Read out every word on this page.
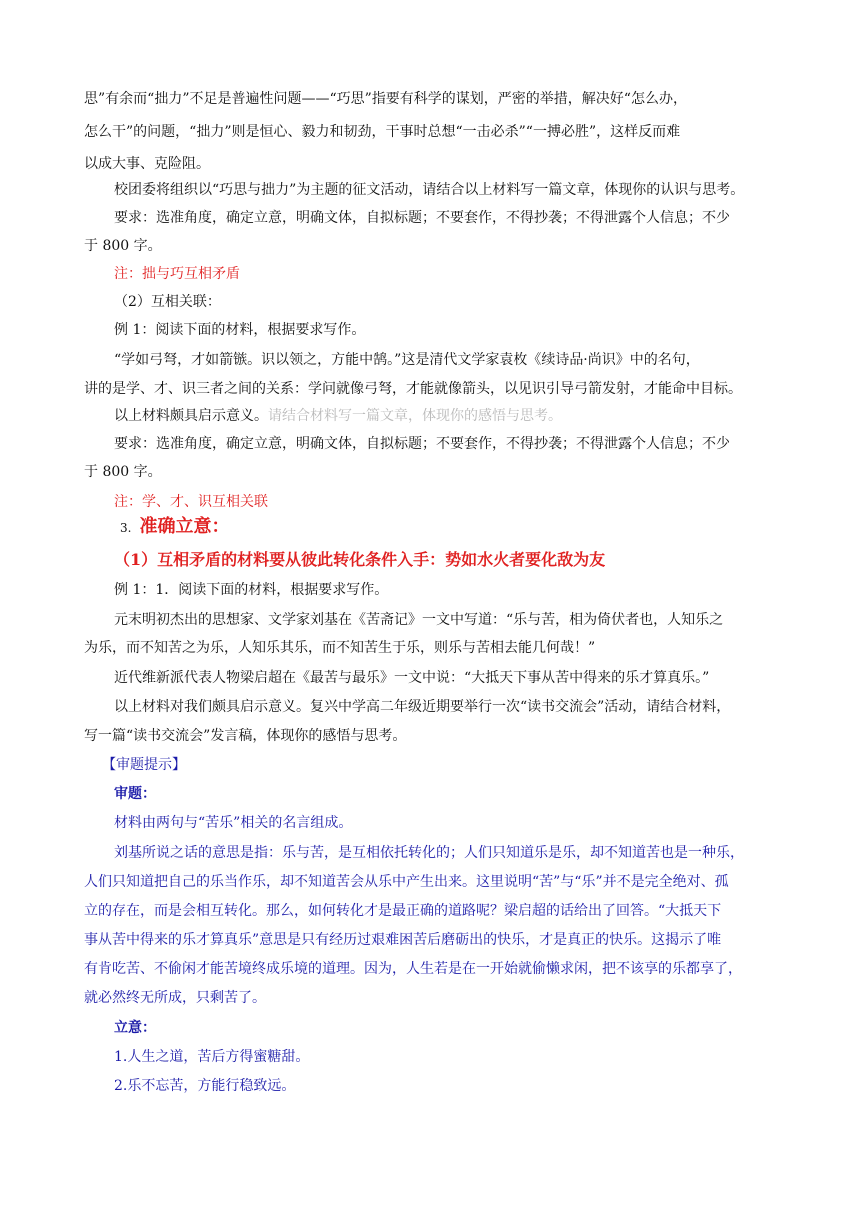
思”有余而“拙力”不足是普遍性问题——“巧思”指要有科学的谋划，严密的举措，解决好“怎么办，
怎么干”的问题，“拙力”则是恒心、毅力和韧劲，干事时总想“一击必杀”“一搏必胜”，这样反而难
以成大事、克险阻。
校团委将组织以“巧思与拙力”为主题的征文活动，请结合以上材料写一篇文章，体现你的认识与思考。
要求：选准角度，确定立意，明确文体，自拟标题；不要套作，不得抄袭；不得泄露个人信息；不少
于 800 字。
注：拙与巧互相矛盾
（2）互相关联：
例 1：阅读下面的材料，根据要求写作。
“学如弓弩，才如箭镞。识以领之，方能中鹄。”这是清代文学家袁枚《续诗品·尚识》中的名句，
讲的是学、才、识三者之间的关系：学问就像弓弩，才能就像箭头，以见识引导弓箭发射，才能命中目标。
以上材料颇具启示意义。请结合材料写一篇文章，体现你的感悟与思考。
要求：选准角度，确定立意，明确文体，自拟标题；不要套作，不得抄袭；不得泄露个人信息；不少
于 800 字。
注：学、才、识互相关联
3. 准确立意：
（1）互相矛盾的材料要从彼此转化条件入手：势如水火者要化敌为友
例 1：1．阅读下面的材料，根据要求写作。
元末明初杰出的思想家、文学家刘基在《苦斋记》一文中写道：“乐与苦，相为倚伏者也，人知乐之
为乐，而不知苦之为乐，人知乐其乐，而不知苦生于乐，则乐与苦相去能几何哉！”
近代维新派代表人物梁启超在《最苦与最乐》一文中说：“大抵天下事从苦中得来的乐才算真乐。”
以上材料对我们颇具启示意义。复兴中学高二年级近期要举行一次“读书交流会”活动，请结合材料，
写一篇“读书交流会”发言稿，体现你的感悟与思考。
【审题提示】
审题：
材料由两句与“苦乐”相关的名言组成。
刘基所说之话的意思是指：乐与苦，是互相依托转化的；人们只知道乐是乐，却不知道苦也是一种乐，
人们只知道把自己的乐当作乐，却不知道苦会从乐中产生出来。这里说明“苦”与“乐”并不是完全绝对、孤
立的存在，而是会相互转化。那么，如何转化才是最正确的道路呢？梁启超的话给出了回答。“大抵天下
事从苦中得来的乐才算真乐”意思是只有经历过艰难困苦后磨砺出的快乐，才是真正的快乐。这揭示了唯
有肯吃苦、不偷闲才能苦境终成乐境的道理。因为，人生若是在一开始就偷懒求闲，把不该享的乐都享了，
就必然终无所成，只剩苦了。
立意：
1.人生之道，苦后方得蜜糖甜。
2.乐不忘苦，方能行稳致远。
